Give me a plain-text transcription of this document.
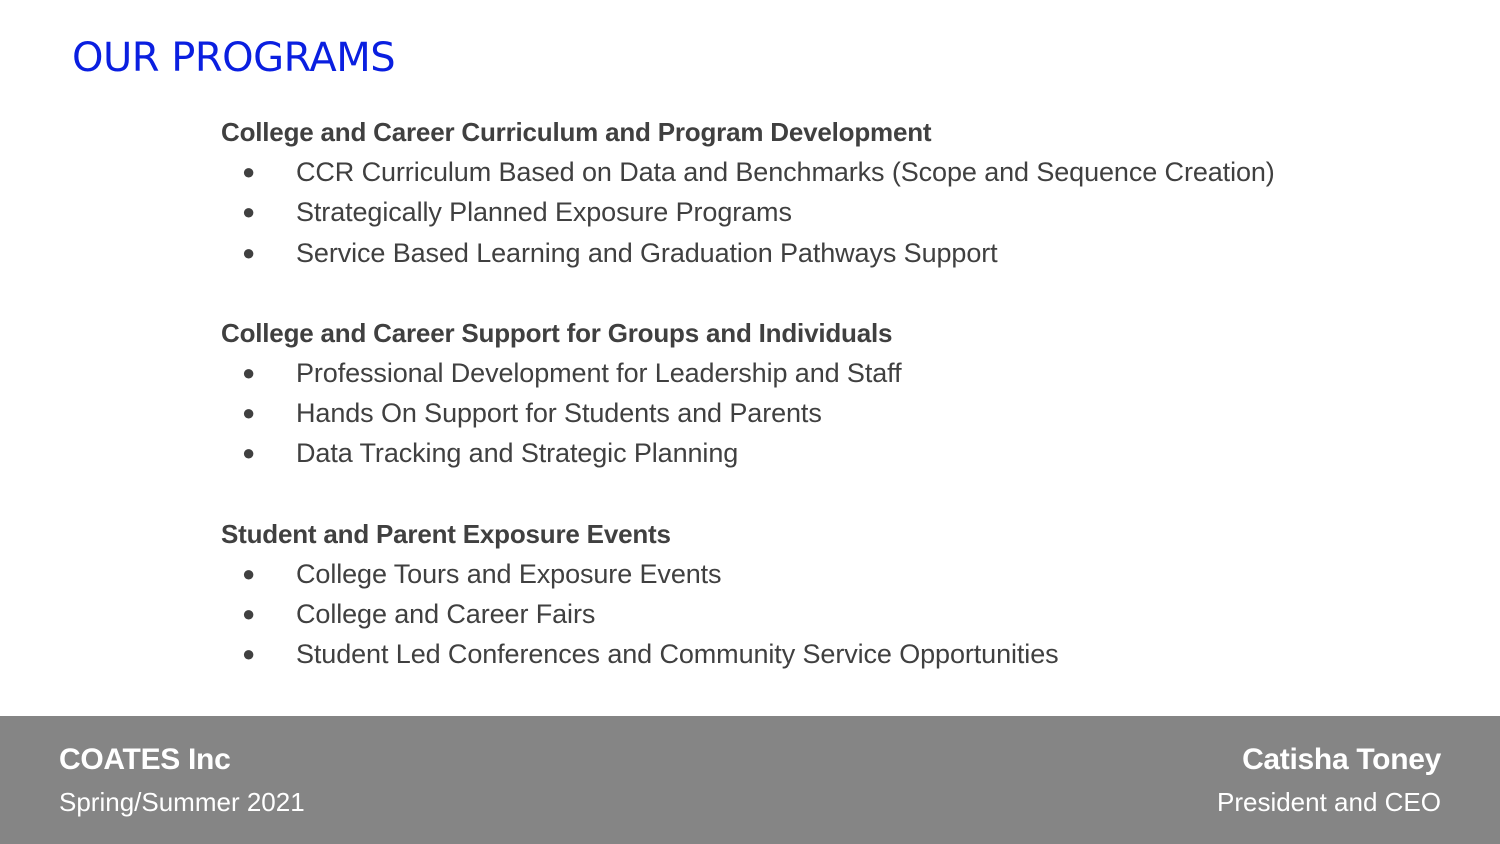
OUR PROGRAMS
College and Career Curriculum and Program Development
● CCR Curriculum Based on Data and Benchmarks (Scope and Sequence Creation)
● Strategically Planned Exposure Programs
● Service Based Learning and Graduation Pathways Support
College and Career Support for Groups and Individuals
● Professional Development for Leadership and Staff
● Hands On Support for Students and Parents
● Data Tracking and Strategic Planning
Student and Parent Exposure Events
● College Tours and Exposure Events
● College and Career Fairs
● Student Led Conferences and Community Service Opportunities
COATES Inc
Spring/Summer 2021
Catisha Toney
President and CEO
